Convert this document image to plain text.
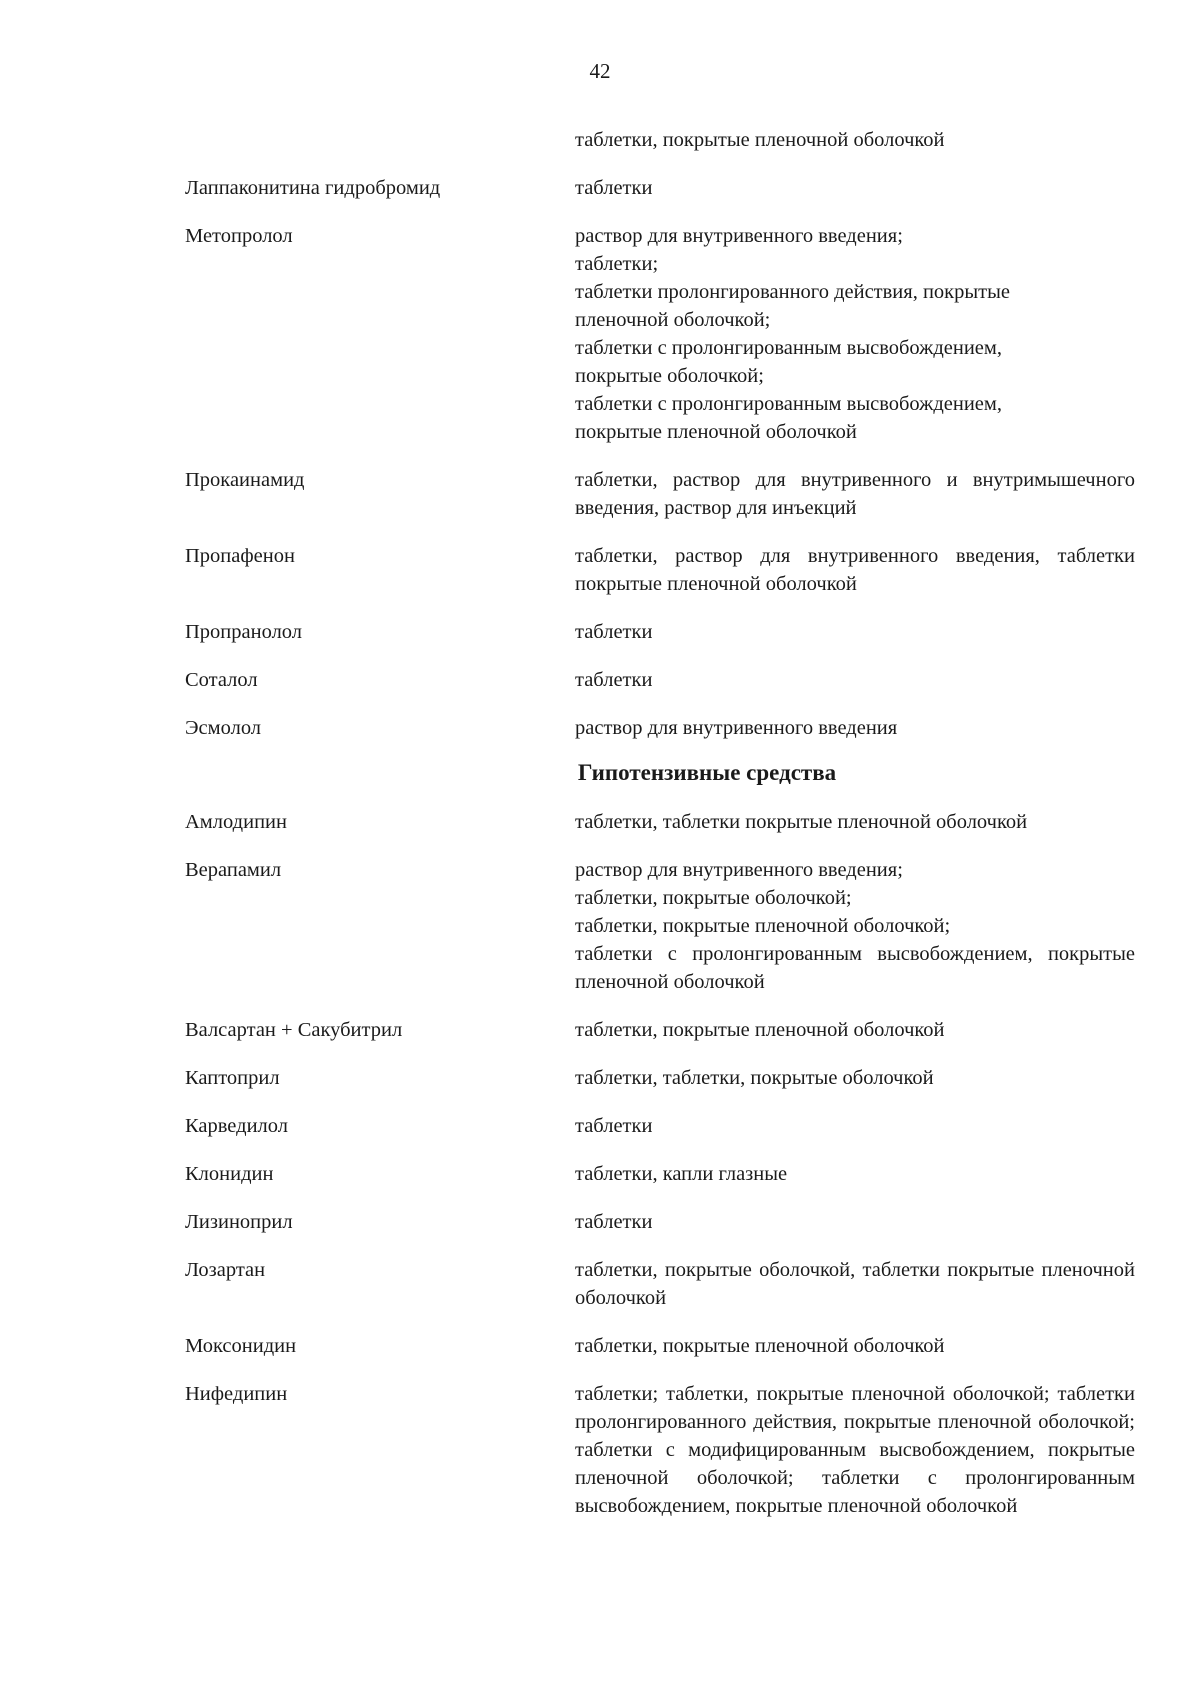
42
таблетки, покрытые пленочной оболочкой
Лаппаконитина гидробромид	таблетки
Метопролол	раствор для внутривенного введения;
таблетки;
таблетки пролонгированного действия, покрытые
пленочной оболочкой;
таблетки с пролонгированным высвобождением,
покрытые оболочкой;
таблетки с пролонгированным высвобождением,
покрытые пленочной оболочкой
Прокаинамид	таблетки, раствор для внутривенного и внутримышечного введения, раствор для инъекций
Пропафенон	таблетки, раствор для внутривенного введения, таблетки покрытые пленочной оболочкой
Пропранолол	таблетки
Соталол	таблетки
Эсмолол	раствор для внутривенного введения
Гипотензивные средства
Амлодипин	таблетки, таблетки покрытые пленочной оболочкой
Верапамил	раствор для внутривенного введения;
таблетки, покрытые оболочкой;
таблетки, покрытые пленочной оболочкой;
таблетки с пролонгированным высвобождением, покрытые пленочной оболочкой
Валсартан + Сакубитрил	таблетки, покрытые пленочной оболочкой
Каптоприл	таблетки, таблетки, покрытые оболочкой
Карведилол	таблетки
Клонидин	таблетки, капли глазные
Лизиноприл	таблетки
Лозартан	таблетки, покрытые оболочкой, таблетки покрытые пленочной оболочкой
Моксонидин	таблетки, покрытые пленочной оболочкой
Нифедипин	таблетки; таблетки, покрытые пленочной оболочкой; таблетки пролонгированного действия, покрытые пленочной оболочкой; таблетки с модифицированным высвобождением, покрытые пленочной оболочкой; таблетки с пролонгированным высвобождением, покрытые пленочной оболочкой
